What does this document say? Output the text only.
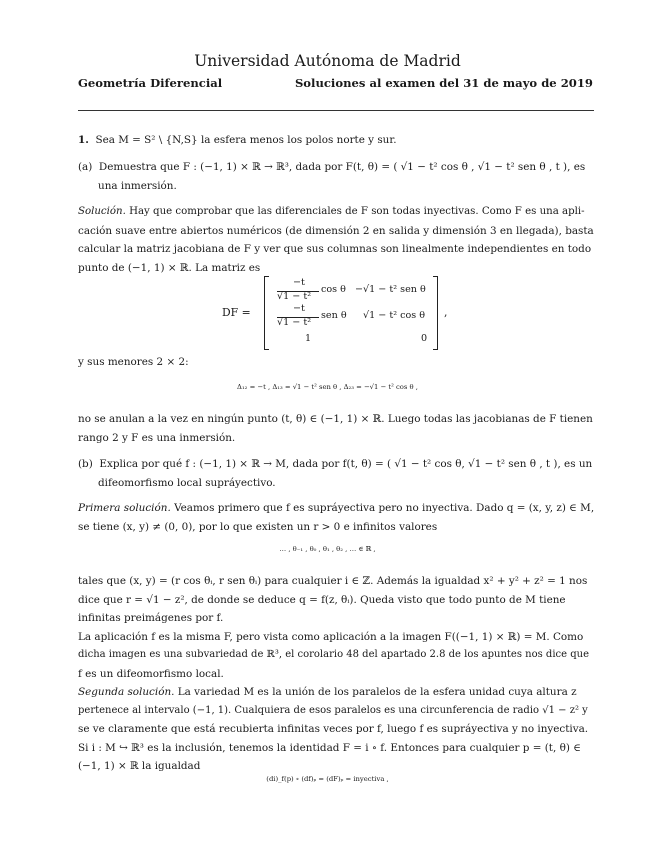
Universidad Autónoma de Madrid
Geometría Diferencial	Soluciones al examen del 31 de mayo de 2019
1. Sea M = S² \ {N,S} la esfera menos los polos norte y sur.
(a) Demuestra que F : (−1, 1) × ℝ → ℝ³, dada por F(t, θ) = ( √1 − t² cos θ , √1 − t² sen θ , t ), es
una inmersión.
Solución. Hay que comprobar que las diferenciales de F son todas inyectivas. Como F es una apli-
cación suave entre abiertos numéricos (de dimensión 2 en salida y dimensión 3 en llegada), basta
calcular la matriz jacobiana de F y ver que sus columnas son linealmente independientes en todo
punto de (−1, 1) × ℝ. La matriz es
DF =
−t
√1 − t²
cos θ −√1 − t² sen θ
−t
√1 − t²
sen θ √1 − t² cos θ
1	0
,
y sus menores 2 × 2:
Δ₁₂ = −t , Δ₁₃ = √1 − t² sen θ , Δ₂₃ = −√1 − t² cos θ ,
no se anulan a la vez en ningún punto (t, θ) ∈ (−1, 1) × ℝ. Luego todas las jacobianas de F tienen
rango 2 y F es una inmersión.
(b) Explica por qué f : (−1, 1) × ℝ → M, dada por f(t, θ) = ( √1 − t² cos θ, √1 − t² sen θ , t ), es un
difeomorfismo local supráyectivo.
Primera solución. Veamos primero que f es supráyectiva pero no inyectiva. Dado q = (x, y, z) ∈ M,
se tiene (x, y) ≠ (0, 0), por lo que existen un r > 0 e infinitos valores
… , θ₋₁ , θ₀ , θ₁ , θ₂ , … ∈ ℝ ,
tales que (x, y) = (r cos θᵢ, r sen θᵢ) para cualquier i ∈ ℤ. Además la igualdad x² + y² + z² = 1 nos
dice que r = √1 − z², de donde se deduce q = f(z, θᵢ). Queda visto que todo punto de M tiene
infinitas preimágenes por f.
La aplicación f es la misma F, pero vista como aplicación a la imagen F((−1, 1) × ℝ) = M. Como
dicha imagen es una subvariedad de ℝ³, el corolario 48 del apartado 2.8 de los apuntes nos dice que
f es un difeomorfismo local.
Segunda solución. La variedad M es la unión de los paralelos de la esfera unidad cuya altura z
pertenece al intervalo (−1, 1). Cualquiera de esos paralelos es una circunferencia de radio √1 − z² y
se ve claramente que está recubierta infinitas veces por f, luego f es supráyectiva y no inyectiva.
Si i : M ↪ ℝ³ es la inclusión, tenemos la identidad F = i ∘ f. Entonces para cualquier p = (t, θ) ∈
(−1, 1) × ℝ la igualdad
(di)_f(p) ∘ (df)ₚ = (dF)ₚ = inyectiva ,
